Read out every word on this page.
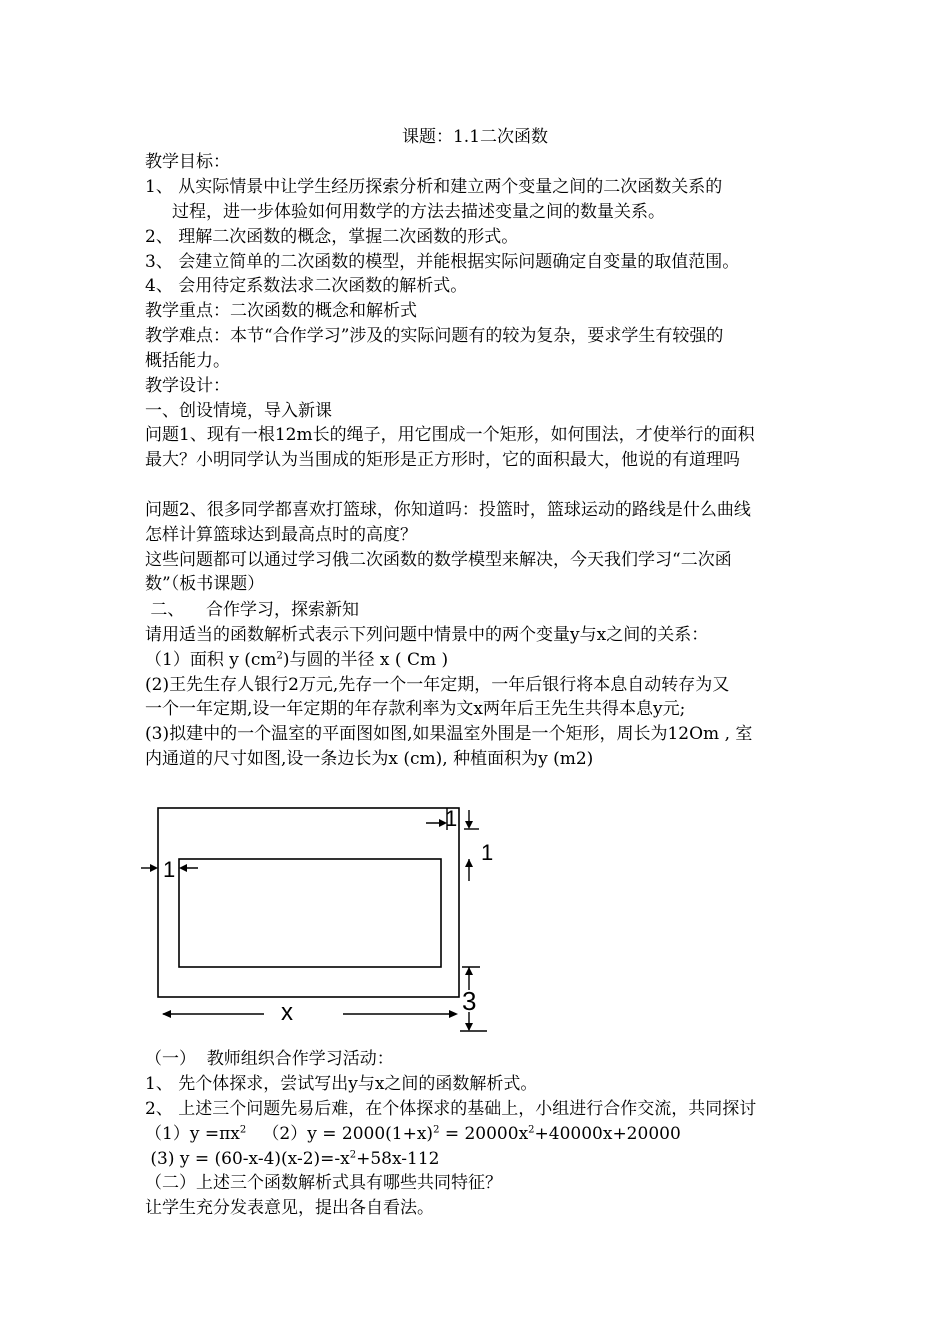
课题：1.1二次函数
教学目标：
1、 从实际情景中让学生经历探索分析和建立两个变量之间的二次函数关系的
过程，进一步体验如何用数学的方法去描述变量之间的数量关系。
2、 理解二次函数的概念，掌握二次函数的形式。
3、 会建立简单的二次函数的模型，并能根据实际问题确定自变量的取值范围。
4、 会用待定系数法求二次函数的解析式。
教学重点：二次函数的概念和解析式
教学难点：本节“合作学习”涉及的实际问题有的较为复杂，要求学生有较强的
概括能力。
教学设计：
一、创设情境，导入新课
问题1、现有一根12m长的绳子，用它围成一个矩形，如何围法，才使举行的面积
最大？小明同学认为当围成的矩形是正方形时，它的面积最大，他说的有道理吗
问题2、很多同学都喜欢打篮球，你知道吗：投篮时，篮球运动的路线是什么曲线
怎样计算篮球达到最高点时的高度？
这些问题都可以通过学习俄二次函数的数学模型来解决，今天我们学习“二次函
数”（板书课题）
二、    合作学习，探索新知
请用适当的函数解析式表示下列问题中情景中的两个变量y与x之间的关系：
（1）面积 y $(cm^2)$与圆的半径 x ( Cm )
(2)王先生存人银行2万元,先存一个一年定期，一年后银行将本息自动转存为又
一个一年定期,设一年定期的年存款利率为文x两年后王先生共得本息y元;
(3)拟建中的一个温室的平面图如图,如果温室外围是一个矩形，周长为12Om , 室
内通道的尺寸如图,设一条边长为x (cm), 种植面积为y (m2)
1
1
1
3
x
（一）  教师组织合作学习活动：
1、 先个体探求，尝试写出y与x之间的函数解析式。
2、 上述三个问题先易后难，在个体探求的基础上，小组进行合作交流，共同探讨
$(1)y =\pi x^2$   $(2)y = 2000(1+x)^2 = 20000x^2+40000x+20000$
(3) $y = (60-x-4)(x-2)=-x^2+58x-112$
（二）上述三个函数解析式具有哪些共同特征？
让学生充分发表意见，提出各自看法。
